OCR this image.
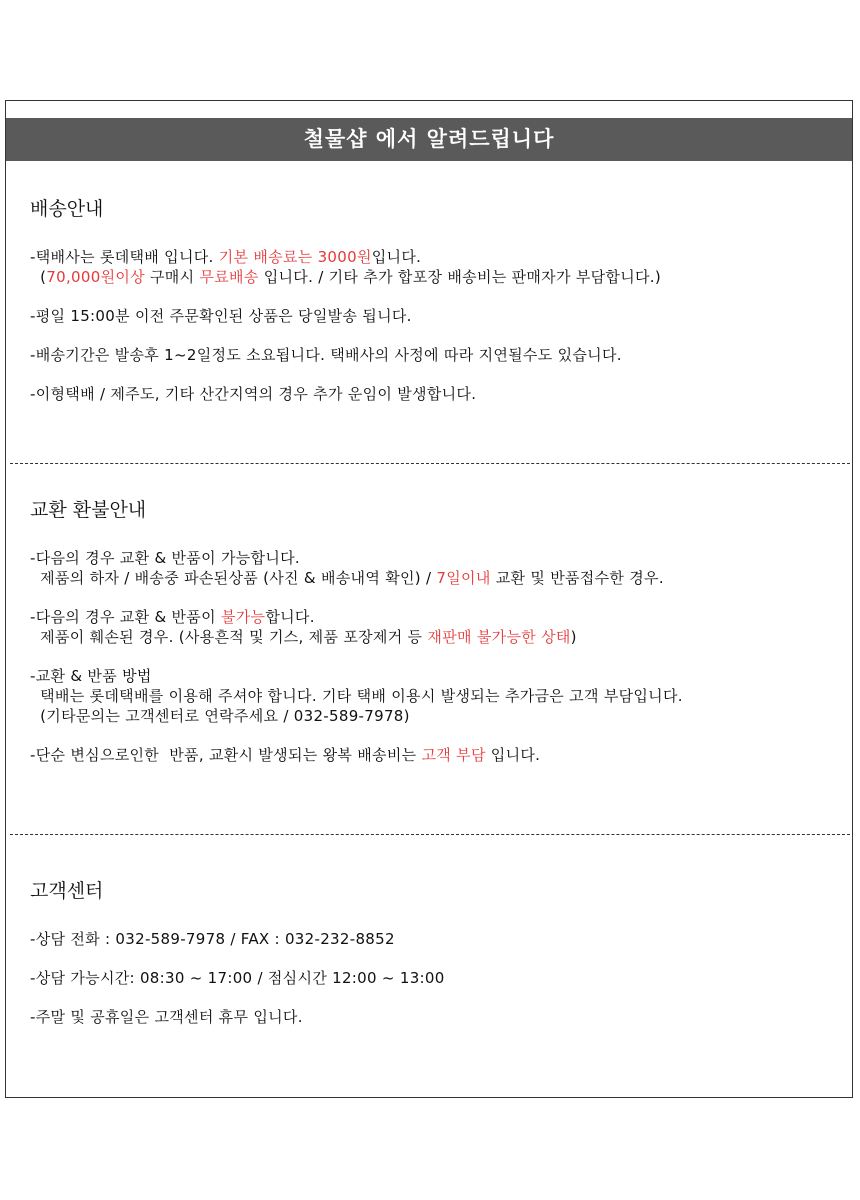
철물샵 에서 알려드립니다
배송안내
-택배사는 롯데택배 입니다. 기본 배송료는 3000원입니다.
(70,000원이상 구매시 무료배송 입니다. / 기타 추가 합포장 배송비는 판매자가 부담합니다.)
-평일 15:00분 이전 주문확인된 상품은 당일발송 됩니다.
-배송기간은 발송후 1~2일정도 소요됩니다. 택배사의 사정에 따라 지연될수도 있습니다.
-이형택배 / 제주도, 기타 산간지역의 경우 추가 운임이 발생합니다.
교환 환불안내
-다음의 경우 교환 & 반품이 가능합니다.
제품의 하자 / 배송중 파손된상품 (사진 & 배송내역 확인) / 7일이내 교환 및 반품접수한 경우.
-다음의 경우 교환 & 반품이 불가능합니다.
제품이 훼손된 경우. (사용흔적 및 기스, 제품 포장제거 등 재판매 불가능한 상태)
-교환 & 반품 방법
택배는 롯데택배를 이용해 주셔야 합니다. 기타 택배 이용시 발생되는 추가금은 고객 부담입니다.
(기타문의는 고객센터로 연락주세요 / 032-589-7978)
-단순 변심으로인한  반품, 교환시 발생되는 왕복 배송비는 고객 부담 입니다.
고객센터
-상담 전화 : 032-589-7978 / FAX : 032-232-8852
-상담 가능시간: 08:30 ~ 17:00 / 점심시간 12:00 ~ 13:00
-주말 및 공휴일은 고객센터 휴무 입니다.
